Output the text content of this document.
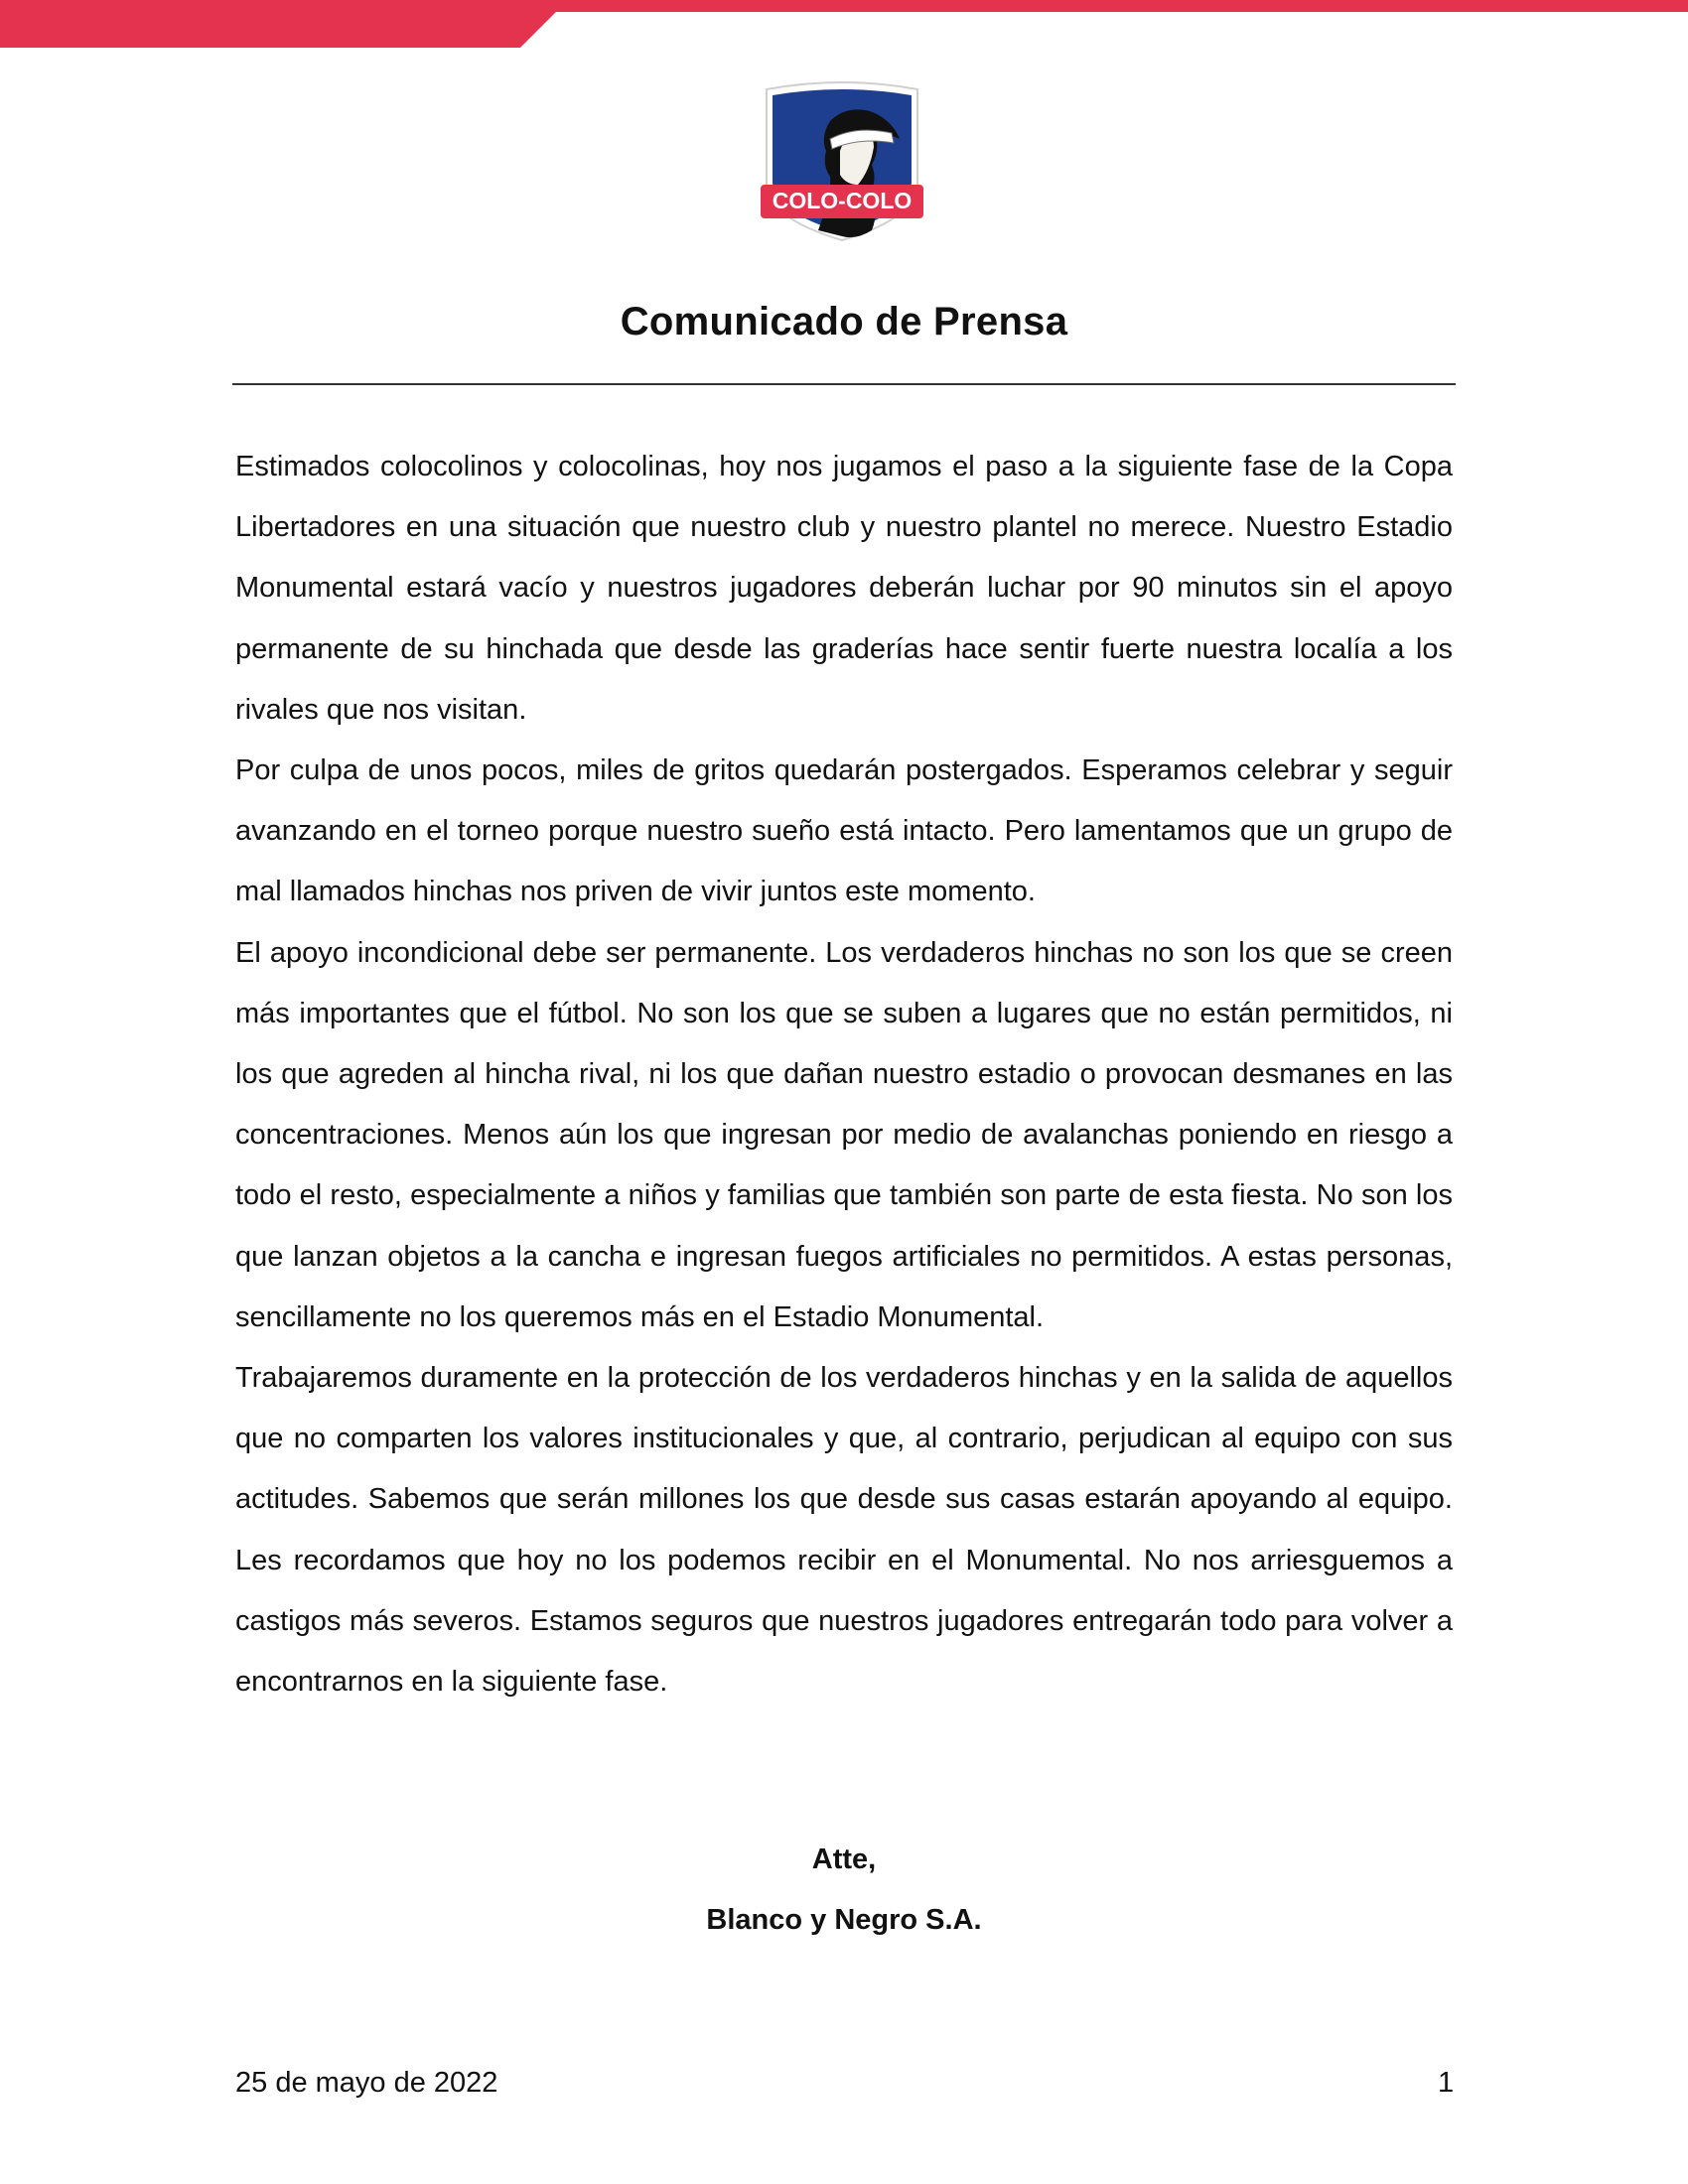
COLO-COLO
Comunicado de Prensa

Estimados colocolinos y colocolinas, hoy nos jugamos el paso a la siguiente fase de la Copa Libertadores en una situación que nuestro club y nuestro plantel no merece. Nuestro Estadio Monumental estará vacío y nuestros jugadores deberán luchar por 90 minutos sin el apoyo permanente de su hinchada que desde las graderías hace sentir fuerte nuestra localía a los rivales que nos visitan.

Por culpa de unos pocos, miles de gritos quedarán postergados. Esperamos celebrar y seguir avanzando en el torneo porque nuestro sueño está intacto. Pero lamentamos que un grupo de mal llamados hinchas nos priven de vivir juntos este momento.

El apoyo incondicional debe ser permanente. Los verdaderos hinchas no son los que se creen más importantes que el fútbol. No son los que se suben a lugares que no están permitidos, ni los que agreden al hincha rival, ni los que dañan nuestro estadio o provocan desmanes en las concentraciones. Menos aún los que ingresan por medio de avalanchas poniendo en riesgo a todo el resto, especialmente a niños y familias que también son parte de esta fiesta. No son los que lanzan objetos a la cancha e ingresan fuegos artificiales no permitidos. A estas personas, sencillamente no los queremos más en el Estadio Monumental.

Trabajaremos duramente en la protección de los verdaderos hinchas y en la salida de aquellos que no comparten los valores institucionales y que, al contrario, perjudican al equipo con sus actitudes. Sabemos que serán millones los que desde sus casas estarán apoyando al equipo. Les recordamos que hoy no los podemos recibir en el Monumental. No nos arriesguemos a castigos más severos. Estamos seguros que nuestros jugadores entregarán todo para volver a encontrarnos en la siguiente fase.

Atte,
Blanco y Negro S.A.
25 de mayo de 2022	1
